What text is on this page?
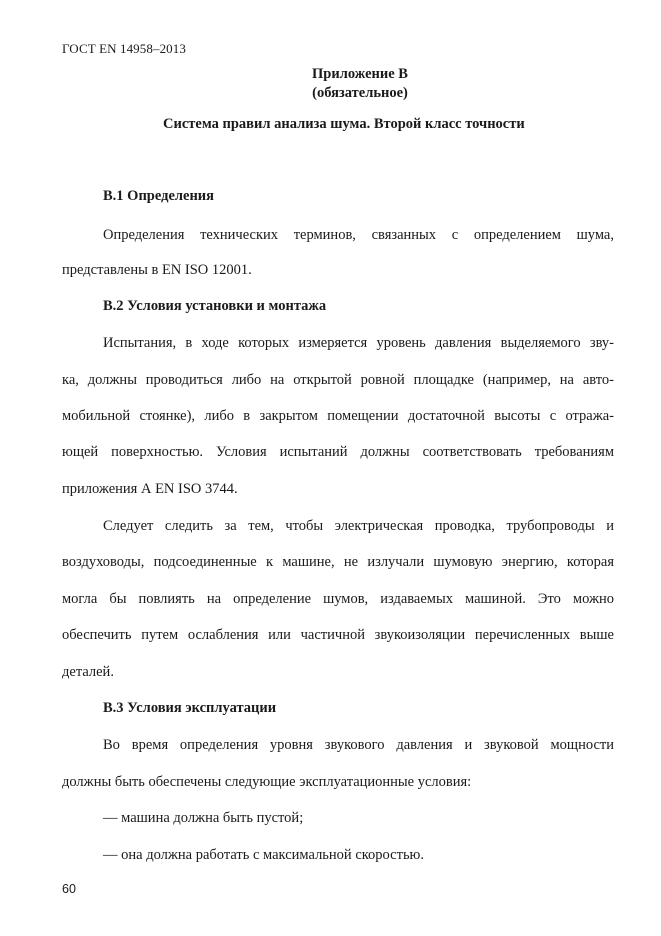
ГОСТ EN 14958–2013
Приложение В
(обязательное)
Система правил анализа шума. Второй класс точности
В.1 Определения
Определения технических терминов, связанных с определением шума,
представлены в EN ISO 12001.
В.2 Условия установки и монтажа
Испытания, в ходе которых измеряется уровень давления выделяемого зву-
ка, должны проводиться либо на открытой ровной площадке (например, на авто-
мобильной стоянке), либо в закрытом помещении достаточной высоты с отража-
ющей поверхностью. Условия испытаний должны соответствовать требованиям
приложения А EN ISO 3744.
Следует следить за тем, чтобы электрическая проводка, трубопроводы и
воздуховоды, подсоединенные к машине, не излучали шумовую энергию, которая
могла бы повлиять на определение шумов, издаваемых машиной. Это можно
обеспечить путем ослабления или частичной звукоизоляции перечисленных выше
деталей.
В.3 Условия эксплуатации
Во время определения уровня звукового давления и звуковой мощности
должны быть обеспечены следующие эксплуатационные условия:
— машина должна быть пустой;
— она должна работать с максимальной скоростью.
60
